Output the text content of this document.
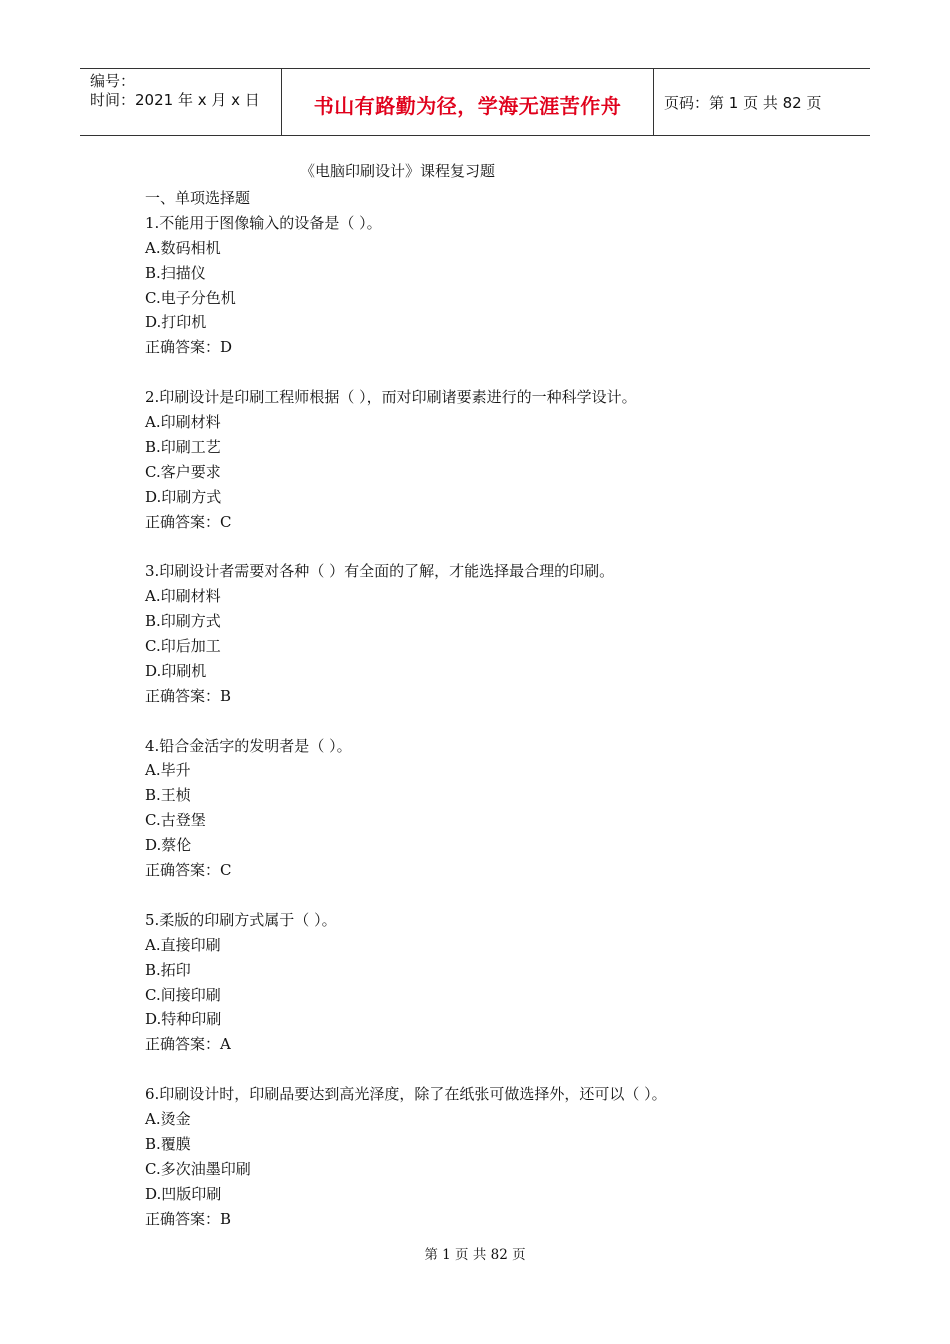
编号：
时间：2021 年 x 月 x 日	书山有路勤为径，学海无涯苦作舟	页码：第 1 页 共 82 页
《电脑印刷设计》课程复习题
一、单项选择题
1.不能用于图像输入的设备是（ ）。
A.数码相机
B.扫描仪
C.电子分色机
D.打印机
正确答案：D
2.印刷设计是印刷工程师根据（ ），而对印刷诸要素进行的一种科学设计。
A.印刷材料
B.印刷工艺
C.客户要求
D.印刷方式
正确答案：C
3.印刷设计者需要对各种（ ）有全面的了解，才能选择最合理的印刷。
A.印刷材料
B.印刷方式
C.印后加工
D.印刷机
正确答案：B
4.铅合金活字的发明者是（ ）。
A.毕升
B.王桢
C.古登堡
D.蔡伦
正确答案：C
5.柔版的印刷方式属于（ ）。
A.直接印刷
B.拓印
C.间接印刷
D.特种印刷
正确答案：A
6.印刷设计时，印刷品要达到高光泽度，除了在纸张可做选择外，还可以（ ）。
A.烫金
B.覆膜
C.多次油墨印刷
D.凹版印刷
正确答案：B
第 1 页 共 82 页
